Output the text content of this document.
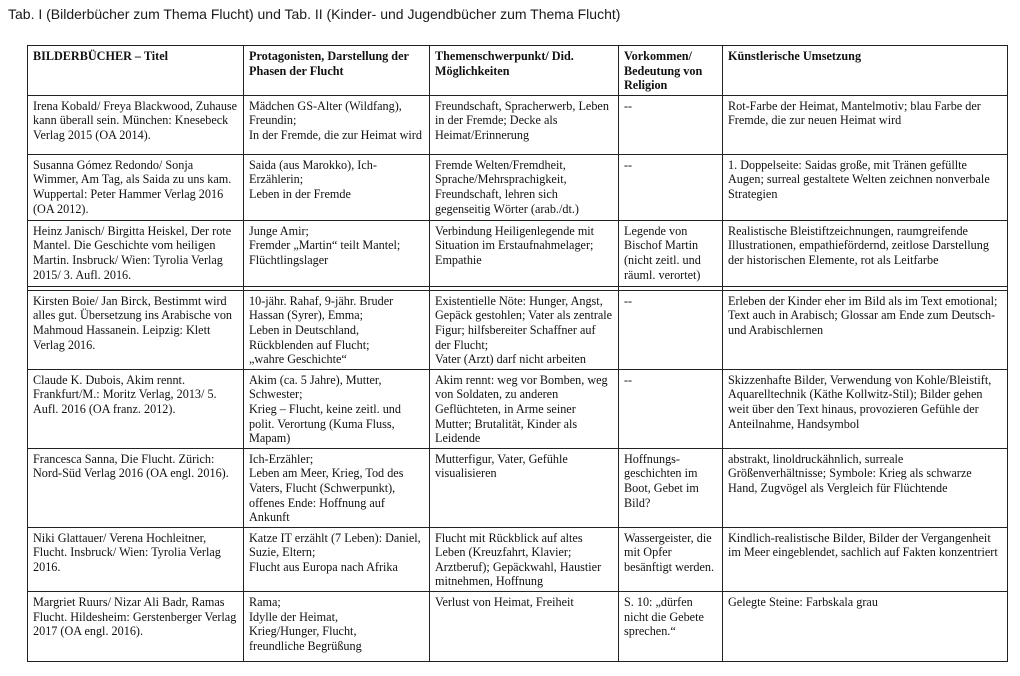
Tab. I (Bilderbücher zum Thema Flucht) und Tab. II (Kinder- und Jugendbücher zum Thema Flucht)
BILDERBÜCHER – Titel	Protagonisten, Darstellung der Phasen der Flucht	Themenschwerpunkt/ Did. Möglichkeiten	Vorkommen/ Bedeutung von Religion	Künstlerische Umsetzung

Irena Kobald/ Freya Blackwood, Zuhause kann überall sein. München: Knesebeck Verlag 2015 (OA 2014).	Mädchen GS-Alter (Wildfang), Freundin;
In der Fremde, die zur Heimat wird	Freundschaft, Spracherwerb, Leben in der Fremde; Decke als Heimat/Erinnerung	--	Rot-Farbe der Heimat, Mantelmotiv; blau Farbe der Fremde, die zur neuen Heimat wird

Susanna Gómez Redondo/ Sonja Wimmer, Am Tag, als Saida zu uns kam. Wuppertal: Peter Hammer Verlag 2016 (OA 2012).	Saida (aus Marokko), Ich-Erzählerin;
Leben in der Fremde	Fremde Welten/Fremdheit, Sprache/Mehrsprachigkeit, Freundschaft, lehren sich gegenseitig Wörter (arab./dt.)	--	1. Doppelseite: Saidas große, mit Tränen gefüllte Augen; surreal gestaltete Welten zeichnen nonverbale Strategien

Heinz Janisch/ Birgitta Heiskel, Der rote Mantel. Die Geschichte vom heiligen Martin. Insbruck/ Wien: Tyrolia Verlag 2015/ 3. Aufl. 2016.	Junge Amir;
Fremder „Martin“ teilt Mantel;
Flüchtlingslager	Verbindung Heiligenlegende mit Situation im Erstaufnahmelager;
Empathie	Legende von Bischof Martin (nicht zeitl. und räuml. verortet)	Realistische Bleistiftzeichnungen, raumgreifende Illustrationen, empathiefördernd, zeitlose Darstellung der historischen Elemente, rot als Leitfarbe

Kirsten Boie/ Jan Birck, Bestimmt wird alles gut. Übersetzung ins Arabische von Mahmoud Hassanein. Leipzig: Klett Verlag 2016.	10-jähr. Rahaf, 9-jähr. Bruder Hassan (Syrer), Emma;
Leben in Deutschland,
Rückblenden auf Flucht;
„wahre Geschichte“	Existentielle Nöte: Hunger, Angst, Gepäck gestohlen; Vater als zentrale Figur; hilfsbereiter Schaffner auf der Flucht;
Vater (Arzt) darf nicht arbeiten	--	Erleben der Kinder eher im Bild als im Text emotional; Text auch in Arabisch; Glossar am Ende zum Deutsch- und Arabischlernen

Claude K. Dubois, Akim rennt. Frankfurt/M.: Moritz Verlag, 2013/ 5. Aufl. 2016 (OA franz. 2012).	Akim (ca. 5 Jahre), Mutter, Schwester;
Krieg – Flucht, keine zeitl. und polit. Verortung (Kuma Fluss, Mapam)	Akim rennt: weg vor Bomben, weg von Soldaten, zu anderen Geflüchteten, in Arme seiner Mutter; Brutalität, Kinder als Leidende	--	Skizzenhafte Bilder, Verwendung von Kohle/Bleistift, Aquarelltechnik (Käthe Kollwitz-Stil); Bilder gehen weit über den Text hinaus, provozieren Gefühle der Anteilnahme, Handsymbol

Francesca Sanna, Die Flucht. Zürich: Nord-Süd Verlag 2016 (OA engl. 2016).	Ich-Erzähler;
Leben am Meer, Krieg, Tod des Vaters, Flucht (Schwerpunkt), offenes Ende: Hoffnung auf Ankunft	Mutterfigur, Vater, Gefühle visualisieren	Hoffnungs-geschichten im Boot, Gebet im Bild?	abstrakt, linoldruckähnlich, surreale Größenverhältnisse; Symbole: Krieg als schwarze Hand, Zugvögel als Vergleich für Flüchtende

Niki Glattauer/ Verena Hochleitner, Flucht. Insbruck/ Wien: Tyrolia Verlag 2016.	Katze IT erzählt (7 Leben): Daniel, Suzie, Eltern;
Flucht aus Europa nach Afrika	Flucht mit Rückblick auf altes Leben (Kreuzfahrt, Klavier; Arztberuf); Gepäckwahl, Haustier mitnehmen, Hoffnung	Wassergeister, die mit Opfer besänftigt werden.	Kindlich-realistische Bilder, Bilder der Vergangenheit im Meer eingeblendet, sachlich auf Fakten konzentriert

Margriet Ruurs/ Nizar Ali Badr, Ramas Flucht. Hildesheim: Gerstenberger Verlag 2017 (OA engl. 2016).	Rama;
Idylle der Heimat,
Krieg/Hunger, Flucht,
freundliche Begrüßung	Verlust von Heimat, Freiheit	S. 10: „dürfen nicht die Gebete sprechen.“	Gelegte Steine: Farbskala grau
